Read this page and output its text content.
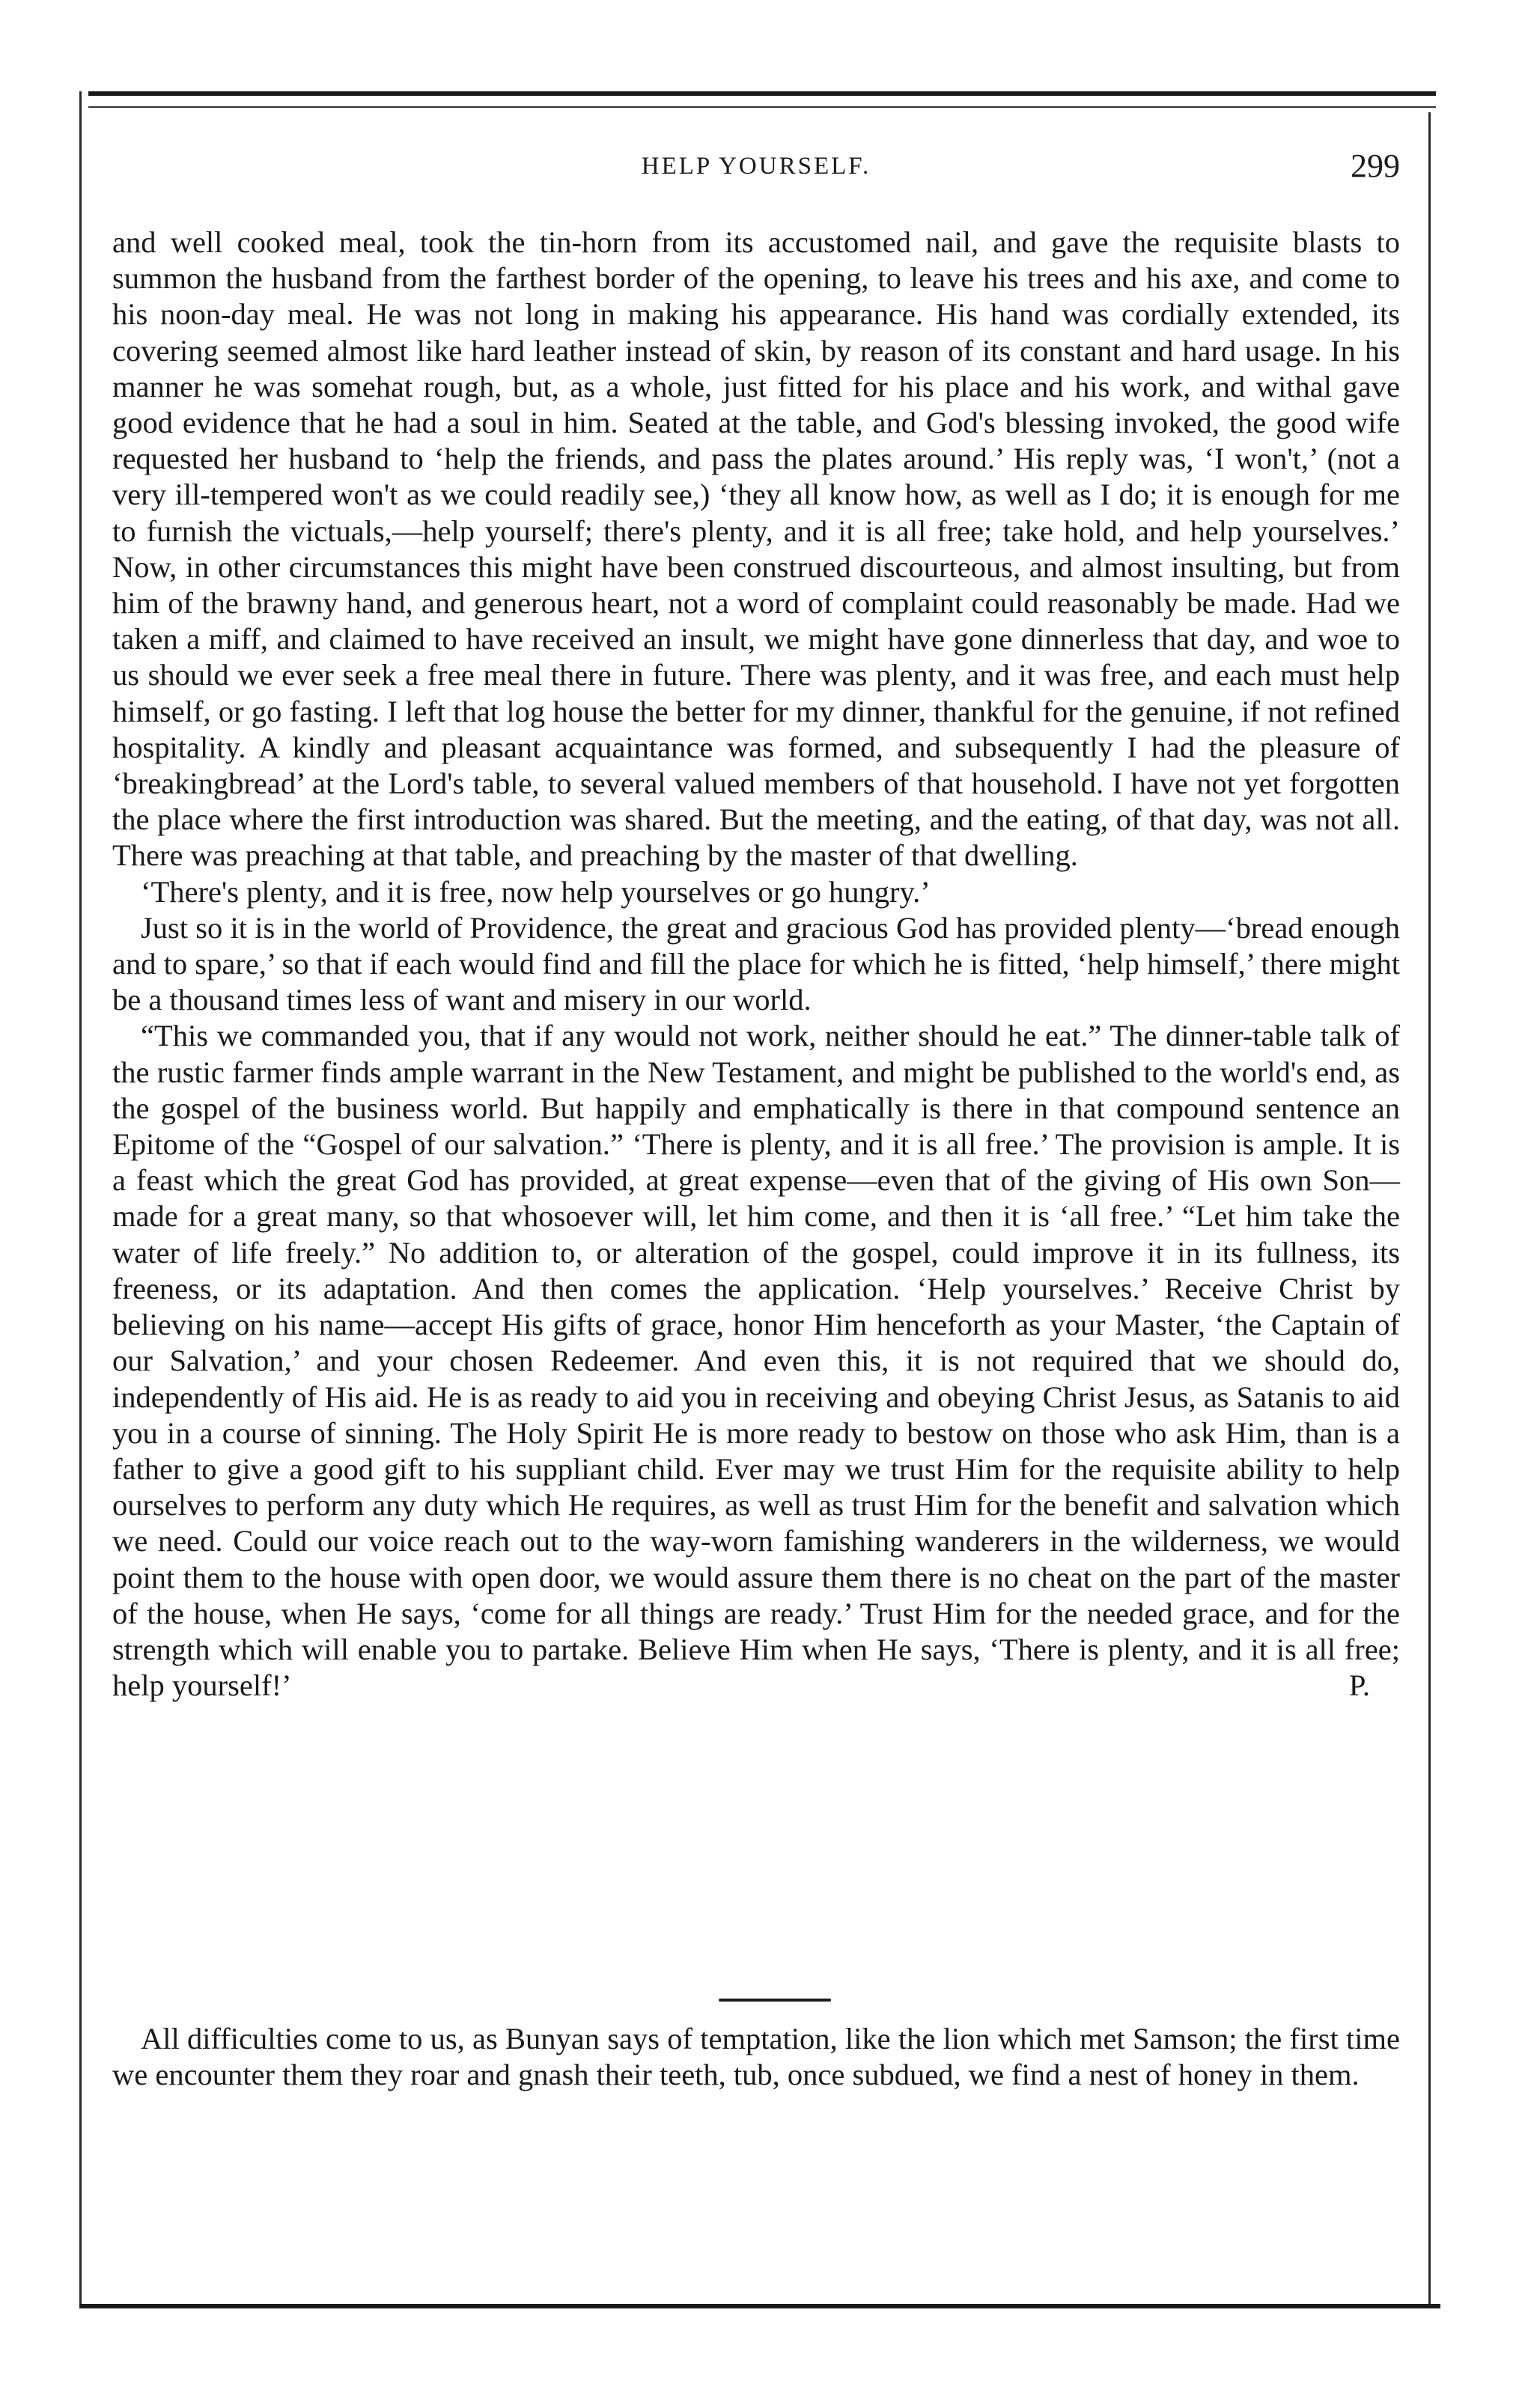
HELP YOURSELF.	299

and well cooked meal, took the tin-horn from its accustomed nail, and gave the requisite blasts to summon the husband from the farthest border of the opening, to leave his trees and his axe, and come to his noon-day meal. He was not long in making his appearance. His hand was cordially extended, its covering seemed almost like hard leather instead of skin, by reason of its constant and hard usage. In his manner he was somehat rough, but, as a whole, just fitted for his place and his work, and withal gave good evidence that he had a soul in him. Seated at the table, and God's blessing invoked, the good wife requested her husband to ‘help the friends, and pass the plates around.’ His reply was, ‘I won't,’ (not a very ill-tempered won't as we could readily see,) ‘they all know how, as well as I do; it is enough for me to furnish the victuals,—help yourself; there's plenty, and it is all free; take hold, and help yourselves.’ Now, in other circumstances this might have been construed discourteous, and almost insulting, but from him of the brawny hand, and generous heart, not a word of complaint could reasonably be made. Had we taken a miff, and claimed to have received an insult, we might have gone dinnerless that day, and woe to us should we ever seek a free meal there in future. There was plenty, and it was free, and each must help himself, or go fasting. I left that log house the better for my dinner, thankful for the genuine, if not refined hospitality. A kindly and pleasant acquaintance was formed, and subsequently I had the pleasure of ‘breakingbread’ at the Lord's table, to several valued members of that household. I have not yet forgotten the place where the first introduction was shared. But the meeting, and the eating, of that day, was not all. There was preaching at that table, and preaching by the master of that dwelling.

‘There's plenty, and it is free, now help yourselves or go hungry.’

Just so it is in the world of Providence, the great and gracious God has provided plenty—‘bread enough and to spare,’ so that if each would find and fill the place for which he is fitted, ‘help himself,’ there might be a thousand times less of want and misery in our world.

“This we commanded you, that if any would not work, neither should he eat.” The dinner-table talk of the rustic farmer finds ample warrant in the New Testament, and might be published to the world's end, as the gospel of the business world. But happily and emphatically is there in that compound sentence an Epitome of the “Gospel of our salvation.” ‘There is plenty, and it is all free.’ The provision is ample. It is a feast which the great God has provided, at great expense—even that of the giving of His own Son—made for a great many, so that whosoever will, let him come, and then it is ‘all free.’ “Let him take the water of life freely.” No addition to, or alteration of the gospel, could improve it in its fullness, its freeness, or its adaptation. And then comes the application. ‘Help yourselves.’ Receive Christ by believing on his name—accept His gifts of grace, honor Him henceforth as your Master, ‘the Captain of our Salvation,’ and your chosen Redeemer. And even this, it is not required that we should do, independently of His aid. He is as ready to aid you in receiving and obeying Christ Jesus, as Satanis to aid you in a course of sinning. The Holy Spirit He is more ready to bestow on those who ask Him, than is a father to give a good gift to his suppliant child. Ever may we trust Him for the requisite ability to help ourselves to perform any duty which He requires, as well as trust Him for the benefit and salvation which we need. Could our voice reach out to the way-worn famishing wanderers in the wilderness, we would point them to the house with open door, we would assure them there is no cheat on the part of the master of the house, when He says, ‘come for all things are ready.’ Trust Him for the needed grace, and for the strength which will enable you to partake. Believe Him when He says, ‘There is plenty, and it is all free; help yourself!’	P.

All difficulties come to us, as Bunyan says of temptation, like the lion which met Samson; the first time we encounter them they roar and gnash their teeth, tub, once subdued, we find a nest of honey in them.
